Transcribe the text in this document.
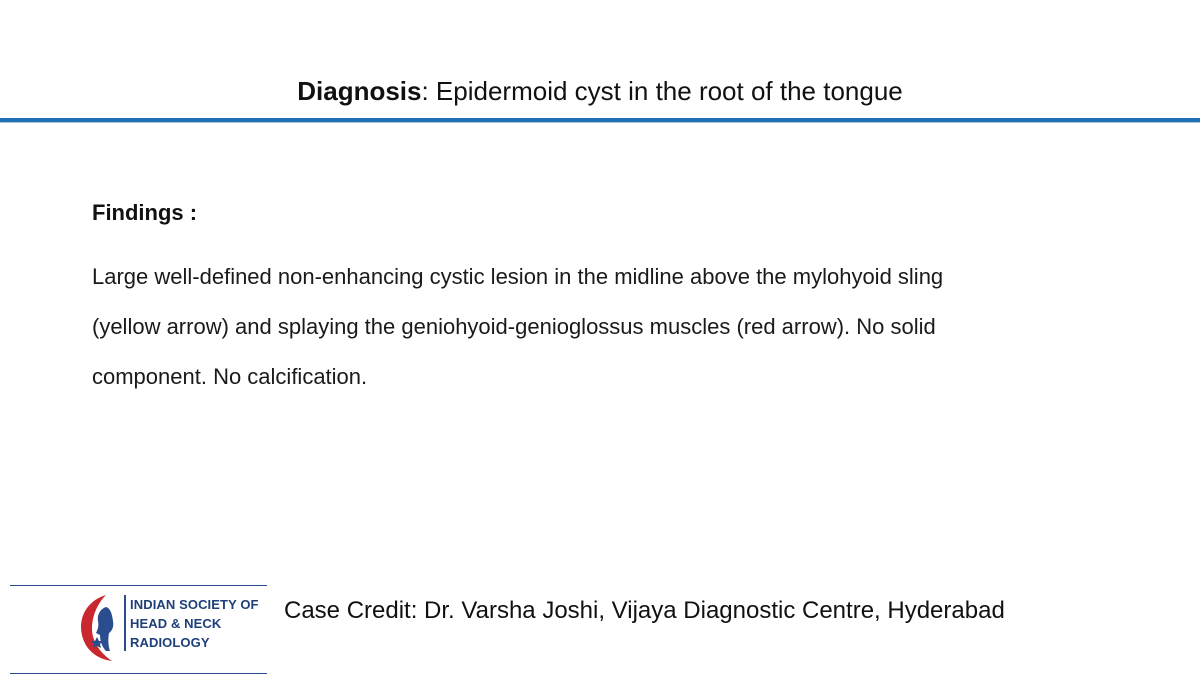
Diagnosis: Epidermoid cyst in the root of the tongue
Findings :
Large well-defined non-enhancing cystic lesion in the midline above the mylohyoid sling
(yellow arrow) and splaying the geniohyoid-genioglossus muscles (red arrow). No solid
component. No calcification.
INDIAN SOCIETY OF
HEAD & NECK
RADIOLOGY
Case Credit: Dr. Varsha Joshi, Vijaya Diagnostic Centre, Hyderabad
